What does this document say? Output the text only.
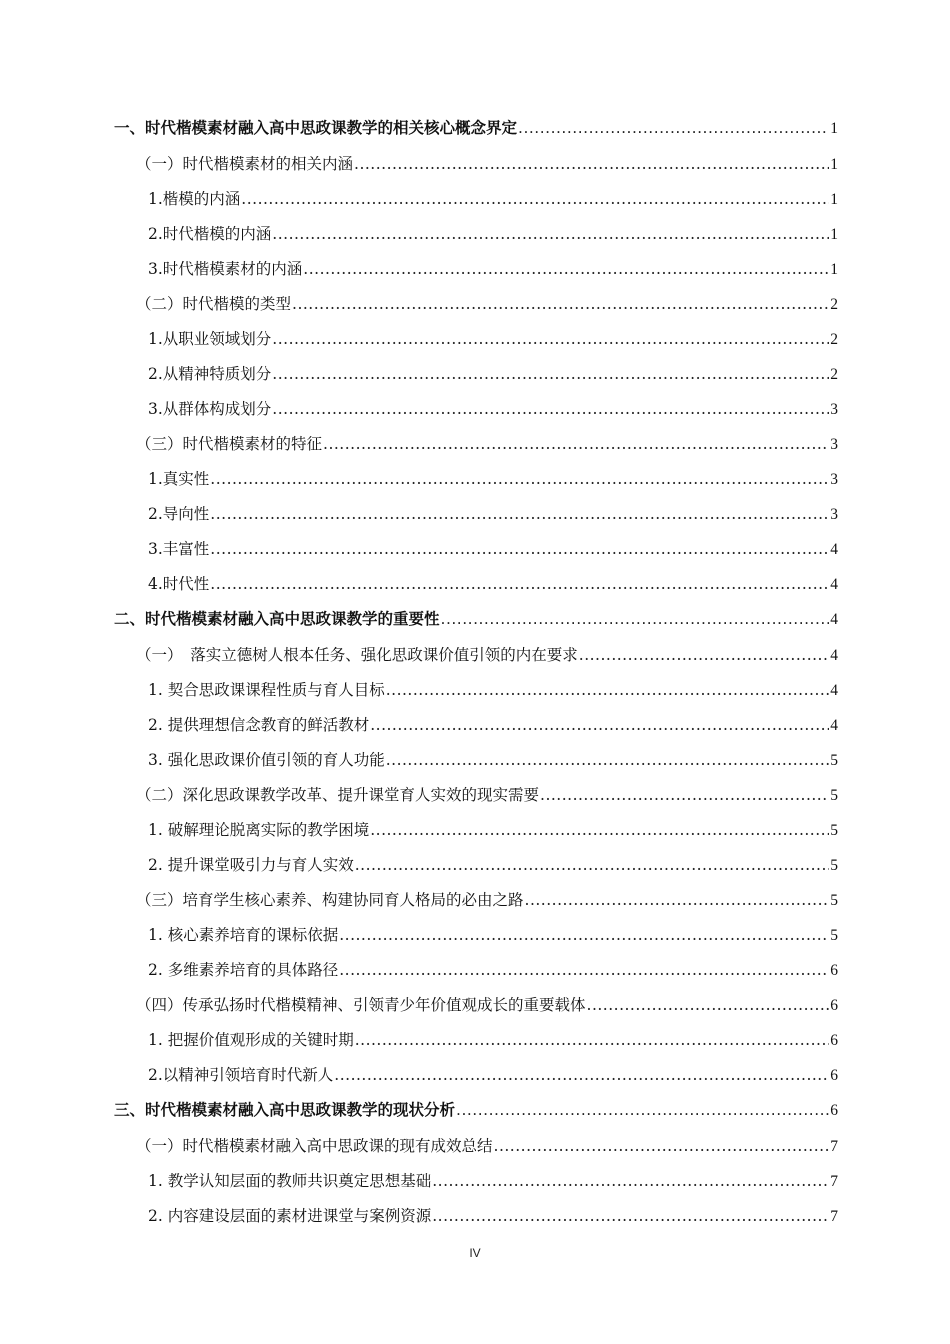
一、时代楷模素材融入高中思政课教学的相关核心概念界定 .....	1
（一）时代楷模素材的相关内涵 .....	1
1.楷模的内涵 .....	1
2.时代楷模的内涵 .....	1
3.时代楷模素材的内涵 .....	1
（二）时代楷模的类型 .....	2
1.从职业领域划分 .....	2
2.从精神特质划分 .....	2
3.从群体构成划分 .....	3
（三）时代楷模素材的特征 .....	3
1.真实性 .....	3
2.导向性 .....	3
3.丰富性 .....	4
4.时代性 .....	4
二、时代楷模素材融入高中思政课教学的重要性 .....	4
（一）　落实立德树人根本任务、强化思政课价值引领的内在要求 .....	4
1. 契合思政课课程性质与育人目标 .....	4
2. 提供理想信念教育的鲜活教材 .....	4
3. 强化思政课价值引领的育人功能 .....	5
（二）深化思政课教学改革、提升课堂育人实效的现实需要 .....	5
1. 破解理论脱离实际的教学困境 .....	5
2. 提升课堂吸引力与育人实效 .....	5
（三）培育学生核心素养、构建协同育人格局的必由之路 .....	5
1. 核心素养培育的课标依据 .....	5
2. 多维素养培育的具体路径 .....	6
（四）传承弘扬时代楷模精神、引领青少年价值观成长的重要载体 .....	6
1. 把握价值观形成的关键时期 .....	6
2.以精神引领培育时代新人 .....	6
三、时代楷模素材融入高中思政课教学的现状分析 .....	6
（一）时代楷模素材融入高中思政课的现有成效总结 .....	7
1. 教学认知层面的教师共识奠定思想基础 .....	7
2. 内容建设层面的素材进课堂与案例资源 .....	7
IV
